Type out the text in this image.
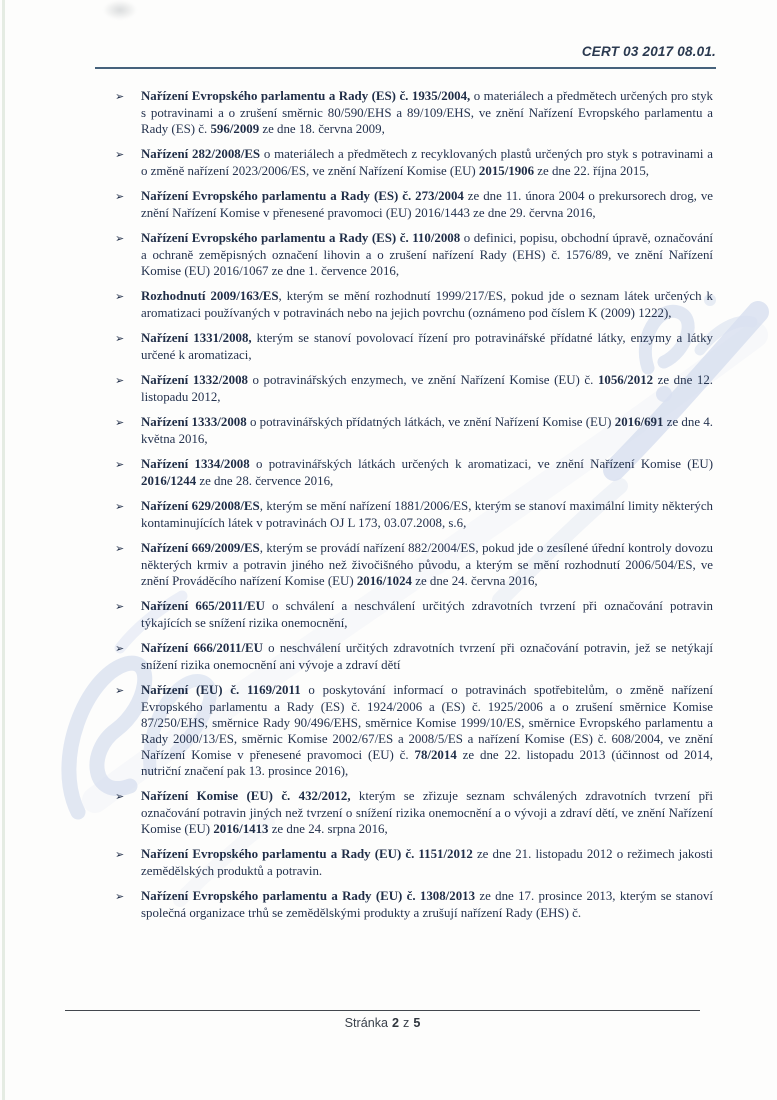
CERT 03 2017 08.01.

➢ Nařízení Evropského parlamentu a Rady (ES) č. 1935/2004, o materiálech a předmětech určených pro styk s potravinami a o zrušení směrnic 80/590/EHS a 89/109/EHS, ve znění Nařízení Evropského parlamentu a Rady (ES) č. 596/2009 ze dne 18. června 2009,

➢ Nařízení 282/2008/ES o materiálech a předmětech z recyklovaných plastů určených pro styk s potravinami a o změně nařízení 2023/2006/ES, ve znění Nařízení Komise (EU) 2015/1906 ze dne 22. října 2015,

➢ Nařízení Evropského parlamentu a Rady (ES) č. 273/2004 ze dne 11. února 2004 o prekursorech drog, ve znění Nařízení Komise v přenesené pravomoci (EU) 2016/1443 ze dne 29. června 2016,

➢ Nařízení Evropského parlamentu a Rady (ES) č. 110/2008 o definici, popisu, obchodní úpravě, označování a ochraně zeměpisných označení lihovin a o zrušení nařízení Rady (EHS) č. 1576/89, ve znění Nařízení Komise (EU) 2016/1067 ze dne 1. července 2016,

➢ Rozhodnutí 2009/163/ES, kterým se mění rozhodnutí 1999/217/ES, pokud jde o seznam látek určených k aromatizaci používaných v potravinách nebo na jejich povrchu (oznámeno pod číslem K (2009) 1222),

➢ Nařízení 1331/2008, kterým se stanoví povolovací řízení pro potravinářské přídatné látky, enzymy a látky určené k aromatizaci,

➢ Nařízení 1332/2008 o potravinářských enzymech, ve znění Nařízení Komise (EU) č. 1056/2012 ze dne 12. listopadu 2012,

➢ Nařízení 1333/2008 o potravinářských přídatných látkách, ve znění Nařízení Komise (EU) 2016/691 ze dne 4. května 2016,

➢ Nařízení 1334/2008 o potravinářských látkách určených k aromatizaci, ve znění Nařízení Komise (EU) 2016/1244 ze dne 28. července 2016,

➢ Nařízení 629/2008/ES, kterým se mění nařízení 1881/2006/ES, kterým se stanoví maximální limity některých kontaminujících látek v potravinách OJ L 173, 03.07.2008, s.6,

➢ Nařízení 669/2009/ES, kterým se provádí nařízení 882/2004/ES, pokud jde o zesílené úřední kontroly dovozu některých krmiv a potravin jiného než živočišného původu, a kterým se mění rozhodnutí 2006/504/ES, ve znění Prováděcího nařízení Komise (EU) 2016/1024 ze dne 24. června 2016,

➢ Nařízení 665/2011/EU o schválení a neschválení určitých zdravotních tvrzení při označování potravin týkajících se snížení rizika onemocnění,

➢ Nařízení 666/2011/EU o neschválení určitých zdravotních tvrzení při označování potravin, jež se netýkají snížení rizika onemocnění ani vývoje a zdraví dětí

➢ Nařízení (EU) č. 1169/2011 o poskytování informací o potravinách spotřebitelům, o změně nařízení Evropského parlamentu a Rady (ES) č. 1924/2006 a (ES) č. 1925/2006 a o zrušení směrnice Komise 87/250/EHS, směrnice Rady 90/496/EHS, směrnice Komise 1999/10/ES, směrnice Evropského parlamentu a Rady 2000/13/ES, směrnic Komise 2002/67/ES a 2008/5/ES a nařízení Komise (ES) č. 608/2004, ve znění Nařízení Komise v přenesené pravomoci (EU) č. 78/2014 ze dne 22. listopadu 2013 (účinnost od 2014, nutriční značení pak 13. prosince 2016),

➢ Nařízení Komise (EU) č. 432/2012, kterým se zřizuje seznam schválených zdravotních tvrzení při označování potravin jiných než tvrzení o snížení rizika onemocnění a o vývoji a zdraví dětí, ve znění Nařízení Komise (EU) 2016/1413 ze dne 24. srpna 2016,

➢ Nařízení Evropského parlamentu a Rady (EU) č. 1151/2012 ze dne 21. listopadu 2012 o režimech jakosti zemědělských produktů a potravin.

➢ Nařízení Evropského parlamentu a Rady (EU) č. 1308/2013 ze dne 17. prosince 2013, kterým se stanoví společná organizace trhů se zemědělskými produkty a zrušují nařízení Rady (EHS) č.

Stránka 2 z 5
